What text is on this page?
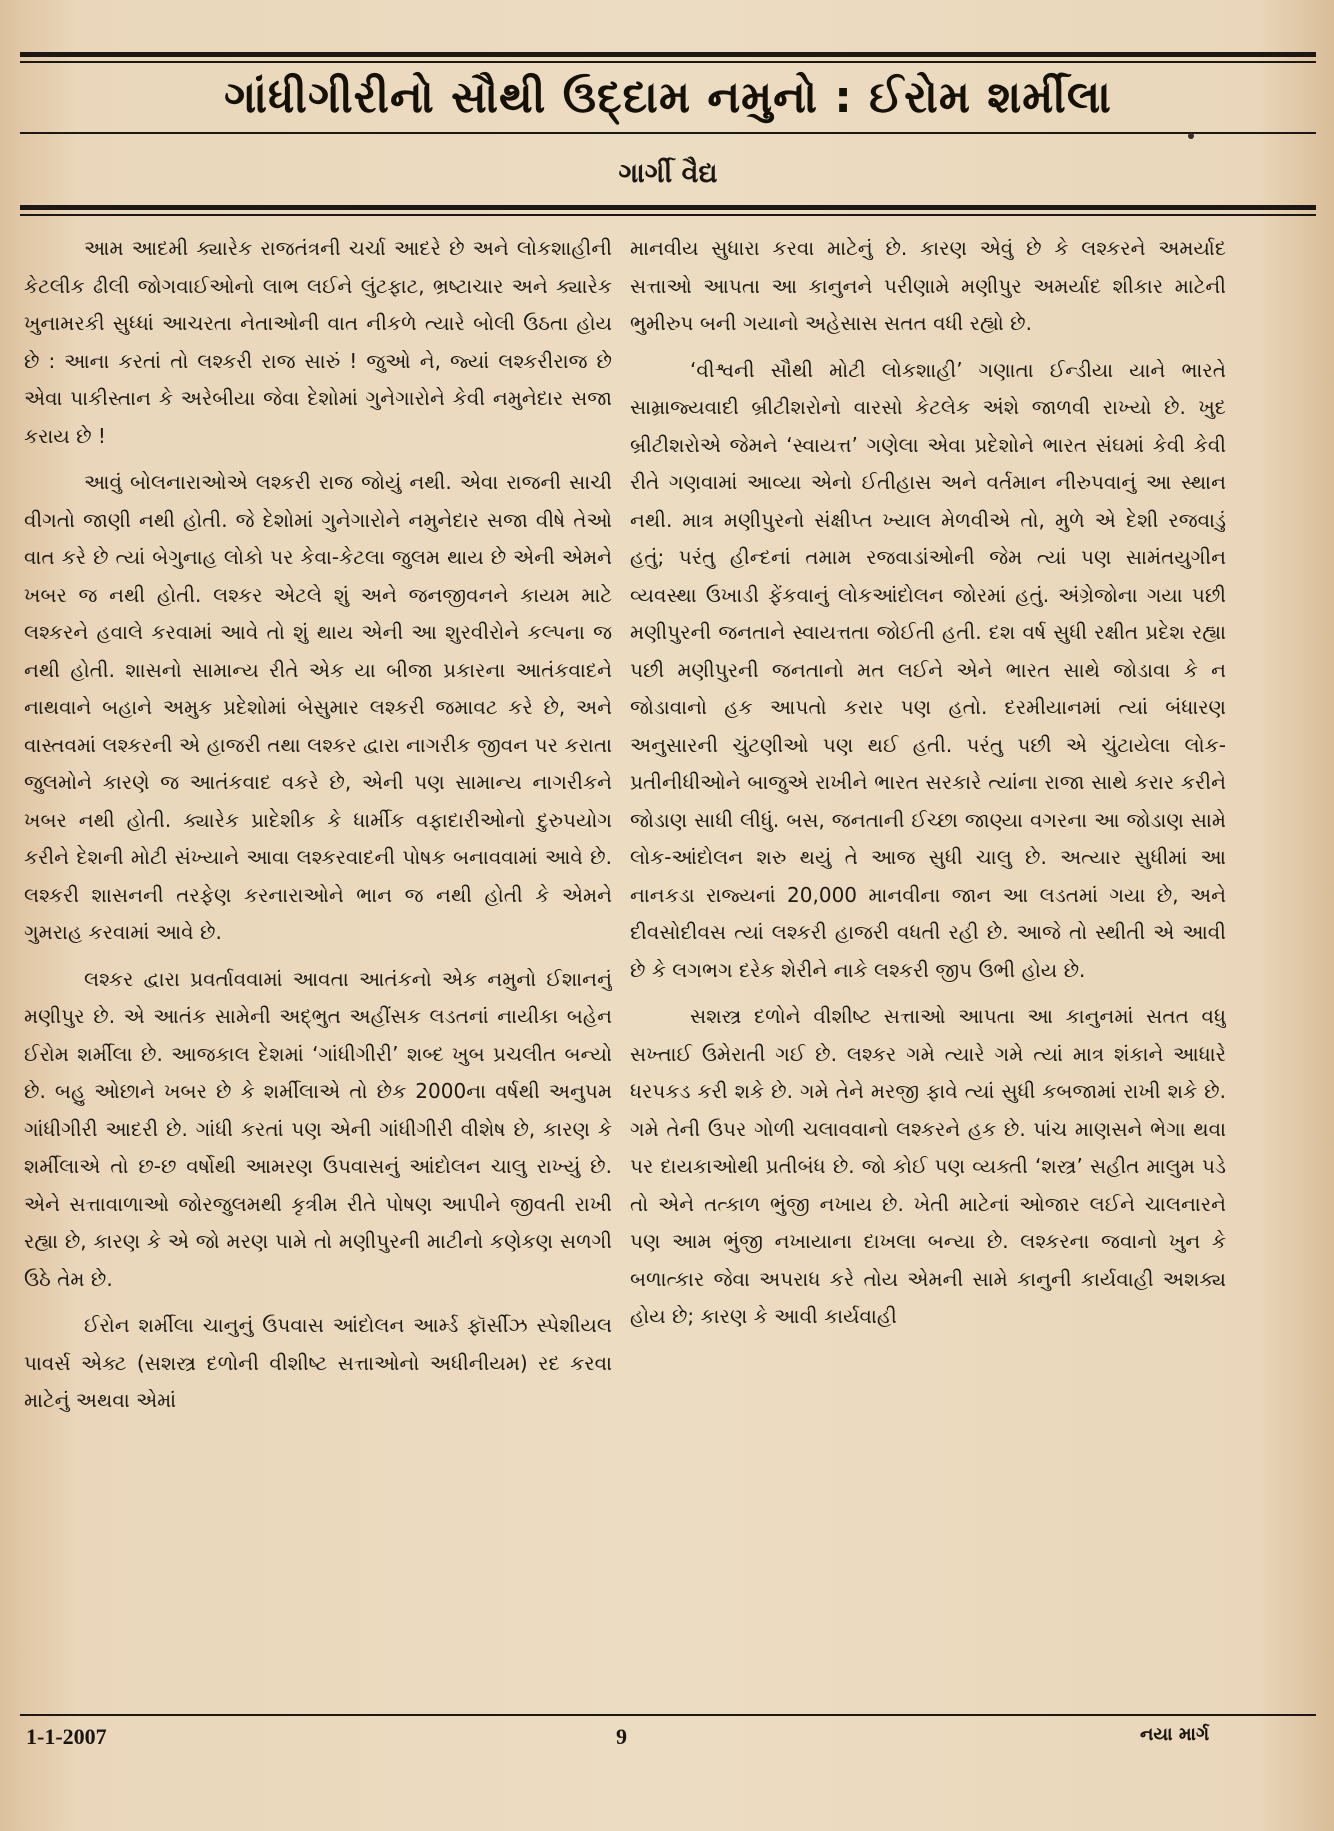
ગાંધીગીરીનો સૌથી ઉદ્દામ નમુનો : ઈરોમ શર્મીલા
ગાર્ગી વૈદ્ય

આમ આદમી ક્યારેક રાજતંત્રની ચર્ચા આદરે છે અને લોકશાહીની કેટલીક ઢીલી જોગવાઈઓનો લાભ લઈને લુંટફાટ, ભ્રષ્ટાચાર અને ક્યારેક ખુનામરકી સુધ્ધાં આચરતા નેતાઓની વાત નીકળે ત્યારે બોલી ઉઠતા હોય છે : આના કરતાં તો લશ્કરી રાજ સારું ! જુઓ ને, જ્યાં લશ્કરીરાજ છે એવા પાકીસ્તાન કે અરેબીયા જેવા દેશોમાં ગુનેગારોને કેવી નમુનેદાર સજા કરાય છે !

આવું બોલનારાઓએ લશ્કરી રાજ જોયું નથી. એવા રાજની સાચી વીગતો જાણી નથી હોતી. જે દેશોમાં ગુનેગારોને નમુનેદાર સજા વીષે તેઓ વાત કરે છે ત્યાં બેગુનાહ લોકો પર કેવા-કેટલા જુલમ થાય છે એની એમને ખબર જ નથી હોતી. લશ્કર એટલે શું અને જનજીવનને કાયમ માટે લશ્કરને હવાલે કરવામાં આવે તો શું થાય એની આ શુરવીરોને કલ્પના જ નથી હોતી. શાસનો સામાન્ય રીતે એક યા બીજા પ્રકારના આતંકવાદને નાથવાને બહાને અમુક પ્રદેશોમાં બેસુમાર લશ્કરી જમાવટ કરે છે, અને વાસ્તવમાં લશ્કરની એ હાજરી તથા લશ્કર દ્વારા નાગરીક જીવન પર કરાતા જુલમોને કારણે જ આતંકવાદ વકરે છે, એની પણ સામાન્ય નાગરીકને ખબર નથી હોતી. ક્યારેક પ્રાદેશીક કે ધાર્મીક વફાદારીઓનો દુરુપયોગ કરીને દેશની મોટી સંખ્યાને આવા લશ્કરવાદની પોષક બનાવવામાં આવે છે. લશ્કરી શાસનની તરફેણ કરનારાઓને ભાન જ નથી હોતી કે એમને ગુમરાહ કરવામાં આવે છે.

લશ્કર દ્વારા પ્રવર્તાવવામાં આવતા આતંકનો એક નમુનો ઈશાનનું મણીપુર છે. એ આતંક સામેની અદ્ભુત અહીંસક લડતનાં નાયીકા બહેન ઈરોમ શર્મીલા છે. આજકાલ દેશમાં ‘ગાંધીગીરી’ શબ્દ ખુબ પ્રચલીત બન્યો છે. બહુ ઓછાને ખબર છે કે શર્મીલાએ તો છેક 2000ના વર્ષથી અનુપમ ગાંધીગીરી આદરી છે. ગાંધી કરતાં પણ એની ગાંધીગીરી વીશેષ છે, કારણ કે શર્મીલાએ તો છ-છ વર્ષોથી આમરણ ઉપવાસનું આંદોલન ચાલુ રાખ્યું છે. એને સત્તાવાળાઓ જોરજુલમથી કૃત્રીમ રીતે પોષણ આપીને જીવતી રાખી રહ્યા છે, કારણ કે એ જો મરણ પામે તો મણીપુરની માટીનો કણેકણ સળગી ઉઠે તેમ છે.

ઈરોન શર્મીલા ચાનુનું ઉપવાસ આંદોલન આર્મ્ડ ફૉર્સીઝ સ્પેશીયલ પાવર્સ એક્ટ (સશસ્ત્ર દળોની વીશીષ્ટ સત્તાઓનો અધીનીયમ) રદ કરવા માટેનું અથવા એમાં

માનવીય સુધારા કરવા માટેનું છે. કારણ એવું છે કે લશ્કરને અમર્યાદ સત્તાઓ આપતા આ કાનુનને પરીણામે મણીપુર અમર્યાદ શીકાર માટેની ભુમીરુપ બની ગયાનો અહેસાસ સતત વધી રહ્યો છે.

‘વીશ્વની સૌથી મોટી લોકશાહી’ ગણાતા ઈન્ડીયા યાને ભારતે સામ્રાજ્યવાદી બ્રીટીશરોનો વારસો કેટલેક અંશે જાળવી રાખ્યો છે. ખુદ બ્રીટીશરોએ જેમને ‘સ્વાયત્ત’ ગણેલા એવા પ્રદેશોને ભારત સંઘમાં કેવી કેવી રીતે ગણવામાં આવ્યા એનો ઈતીહાસ અને વર્તમાન નીરુપવાનું આ સ્થાન નથી. માત્ર મણીપુરનો સંક્ષીપ્ત ખ્યાલ મેળવીએ તો, મુળે એ દેશી રજવાડું હતું; પરંતુ હીન્દનાં તમામ રજવાડાંઓની જેમ ત્યાં પણ સામંતયુગીન વ્યવસ્થા ઉખાડી ફેંકવાનું લોકઆંદોલન જોરમાં હતું. અંગ્રેજોના ગયા પછી મણીપુરની જનતાને સ્વાયત્તતા જોઈતી હતી. દશ વર્ષ સુધી રક્ષીત પ્રદેશ રહ્યા પછી મણીપુરની જનતાનો મત લઈને એને ભારત સાથે જોડાવા કે ન જોડાવાનો હક આપતો કરાર પણ હતો. દરમીયાનમાં ત્યાં બંધારણ અનુસારની ચુંટણીઓ પણ થઈ હતી. પરંતુ પછી એ ચુંટાયેલા લોક-પ્રતીનીધીઓને બાજુએ રાખીને ભારત સરકારે ત્યાંના રાજા સાથે કરાર કરીને જોડાણ સાધી લીધું. બસ, જનતાની ઈચ્છા જાણ્યા વગરના આ જોડાણ સામે લોક-આંદોલન શરુ થયું તે આજ સુધી ચાલુ છે. અત્યાર સુધીમાં આ નાનકડા રાજ્યનાં 20,000 માનવીના જાન આ લડતમાં ગયા છે, અને દીવસોદીવસ ત્યાં લશ્કરી હાજરી વધતી રહી છે. આજે તો સ્થીતી એ આવી છે કે લગભગ દરેક શેરીને નાકે લશ્કરી જીપ ઉભી હોય છે.

સશસ્ત્ર દળોને વીશીષ્ટ સત્તાઓ આપતા આ કાનુનમાં સતત વધુ સખ્તાઈ ઉમેરાતી ગઈ છે. લશ્કર ગમે ત્યારે ગમે ત્યાં માત્ર શંકાને આધારે ધરપકડ કરી શકે છે. ગમે તેને મરજી ફાવે ત્યાં સુધી કબજામાં રાખી શકે છે. ગમે તેની ઉપર ગોળી ચલાવવાનો લશ્કરને હક છે. પાંચ માણસને ભેગા થવા પર દાયકાઓથી પ્રતીબંધ છે. જો કોઈ પણ વ્યક્તી ‘શસ્ત્ર’ સહીત માલુમ પડે તો એને તત્કાળ ભુંજી નખાય છે. ખેતી માટેનાં ઓજાર લઈને ચાલનારને પણ આમ ભુંજી નખાયાના દાખલા બન્યા છે. લશ્કરના જવાનો ખુન કે બળાત્કાર જેવા અપરાધ કરે તોય એમની સામે કાનુની કાર્યવાહી અશક્ય હોય છે; કારણ કે આવી કાર્યવાહી

1-1-2007	9	નયા માર્ગ
